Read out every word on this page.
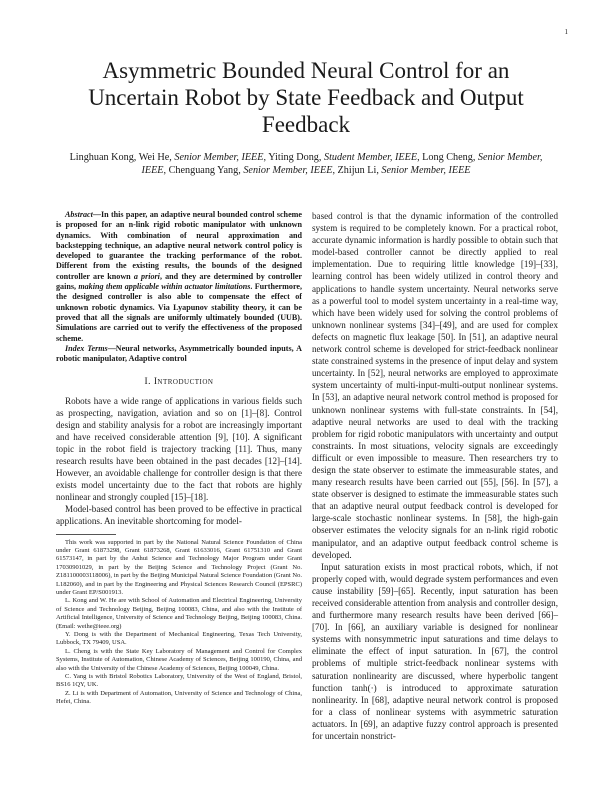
1
Asymmetric Bounded Neural Control for an Uncertain Robot by State Feedback and Output Feedback
Linghuan Kong, Wei He, Senior Member, IEEE, Yiting Dong, Student Member, IEEE, Long Cheng, Senior Member, IEEE, Chenguang Yang, Senior Member, IEEE, Zhijun Li, Senior Member, IEEE

Abstract—In this paper, an adaptive neural bounded control scheme is proposed for an n-link rigid robotic manipulator with unknown dynamics. With combination of neural approximation and backstepping technique, an adaptive neural network control policy is developed to guarantee the tracking performance of the robot. Different from the existing results, the bounds of the designed controller are known a priori, and they are determined by controller gains, making them applicable within actuator limitations. Furthermore, the designed controller is also able to compensate the effect of unknown robotic dynamics. Via Lyapunov stability theory, it can be proved that all the signals are uniformly ultimately bounded (UUB). Simulations are carried out to verify the effectiveness of the proposed scheme.

Index Terms—Neural networks, Asymmetrically bounded inputs, A robotic manipulator, Adaptive control

I. Introduction

Robots have a wide range of applications in various fields such as prospecting, navigation, aviation and so on [1]–[8]. Control design and stability analysis for a robot are increasingly important and have received considerable attention [9], [10]. A significant topic in the robot field is trajectory tracking [11]. Thus, many research results have been obtained in the past decades [12]–[14]. However, an avoidable challenge for controller design is that there exists model uncertainty due to the fact that robots are highly nonlinear and strongly coupled [15]–[18].

Model-based control has been proved to be effective in practical applications. An inevitable shortcoming for model-

This work was supported in part by the National Natural Science Foundation of China under Grant 61873298, Grant 61873268, Grant 61633016, Grant 61751310 and Grant 61573147, in part by the Anhui Science and Technology Major Program under Grant 17030901029, in part by the Beijing Science and Technology Project (Grant No. Z181100003118006), in part by the Beijing Municipal Natural Science Foundation (Grant No. L182060), and in part by the Engineering and Physical Sciences Research Council (EPSRC) under Grant EP/S001913.

L. Kong and W. He are with School of Automation and Electrical Engineering, University of Science and Technology Beijing, Beijing 100083, China, and also with the Institute of Artificial Intelligence, University of Science and Technology Beijing, Beijing 100083, China. (Email: weihe@ieee.org)

Y. Dong is with the Department of Mechanical Engineering, Texas Tech University, Lubbock, TX 79409, USA.

L. Cheng is with the State Key Laboratory of Management and Control for Complex Systems, Institute of Automation, Chinese Academy of Sciences, Beijing 100190, China, and also with the University of the Chinese Academy of Sciences, Beijing 100049, China.

C. Yang is with Bristol Robotics Laboratory, University of the West of England, Bristol, BS16 1QY, UK.

Z. Li is with Department of Automation, University of Science and Technology of China, Hefei, China.

based control is that the dynamic information of the controlled system is required to be completely known. For a practical robot, accurate dynamic information is hardly possible to obtain such that model-based controller cannot be directly applied to real implementation. Due to requiring little knowledge [19]–[33], learning control has been widely utilized in control theory and applications to handle system uncertainty. Neural networks serve as a powerful tool to model system uncertainty in a real-time way, which have been widely used for solving the control problems of unknown nonlinear systems [34]–[49], and are used for complex defects on magnetic flux leakage [50]. In [51], an adaptive neural network control scheme is developed for strict-feedback nonlinear state constrained systems in the presence of input delay and system uncertainty. In [52], neural networks are employed to approximate system uncertainty of multi-input-multi-output nonlinear systems. In [53], an adaptive neural network control method is proposed for unknown nonlinear systems with full-state constraints. In [54], adaptive neural networks are used to deal with the tracking problem for rigid robotic manipulators with uncertainty and output constraints. In most situations, velocity signals are exceedingly difficult or even impossible to measure. Then researchers try to design the state observer to estimate the immeasurable states, and many research results have been carried out [55], [56]. In [57], a state observer is designed to estimate the immeasurable states such that an adaptive neural output feedback control is developed for large-scale stochastic nonlinear systems. In [58], the high-gain observer estimates the velocity signals for an n-link rigid robotic manipulator, and an adaptive output feedback control scheme is developed.

Input saturation exists in most practical robots, which, if not properly coped with, would degrade system performances and even cause instability [59]–[65]. Recently, input saturation has been received considerable attention from analysis and controller design, and furthermore many research results have been derived [66]–[70]. In [66], an auxiliary variable is designed for nonlinear systems with nonsymmetric input saturations and time delays to eliminate the effect of input saturation. In [67], the control problems of multiple strict-feedback nonlinear systems with saturation nonlinearity are discussed, where hyperbolic tangent function tanh(·) is introduced to approximate saturation nonlinearity. In [68], adaptive neural network control is proposed for a class of nonlinear systems with asymmetric saturation actuators. In [69], an adaptive fuzzy control approach is presented for uncertain nonstrict-
